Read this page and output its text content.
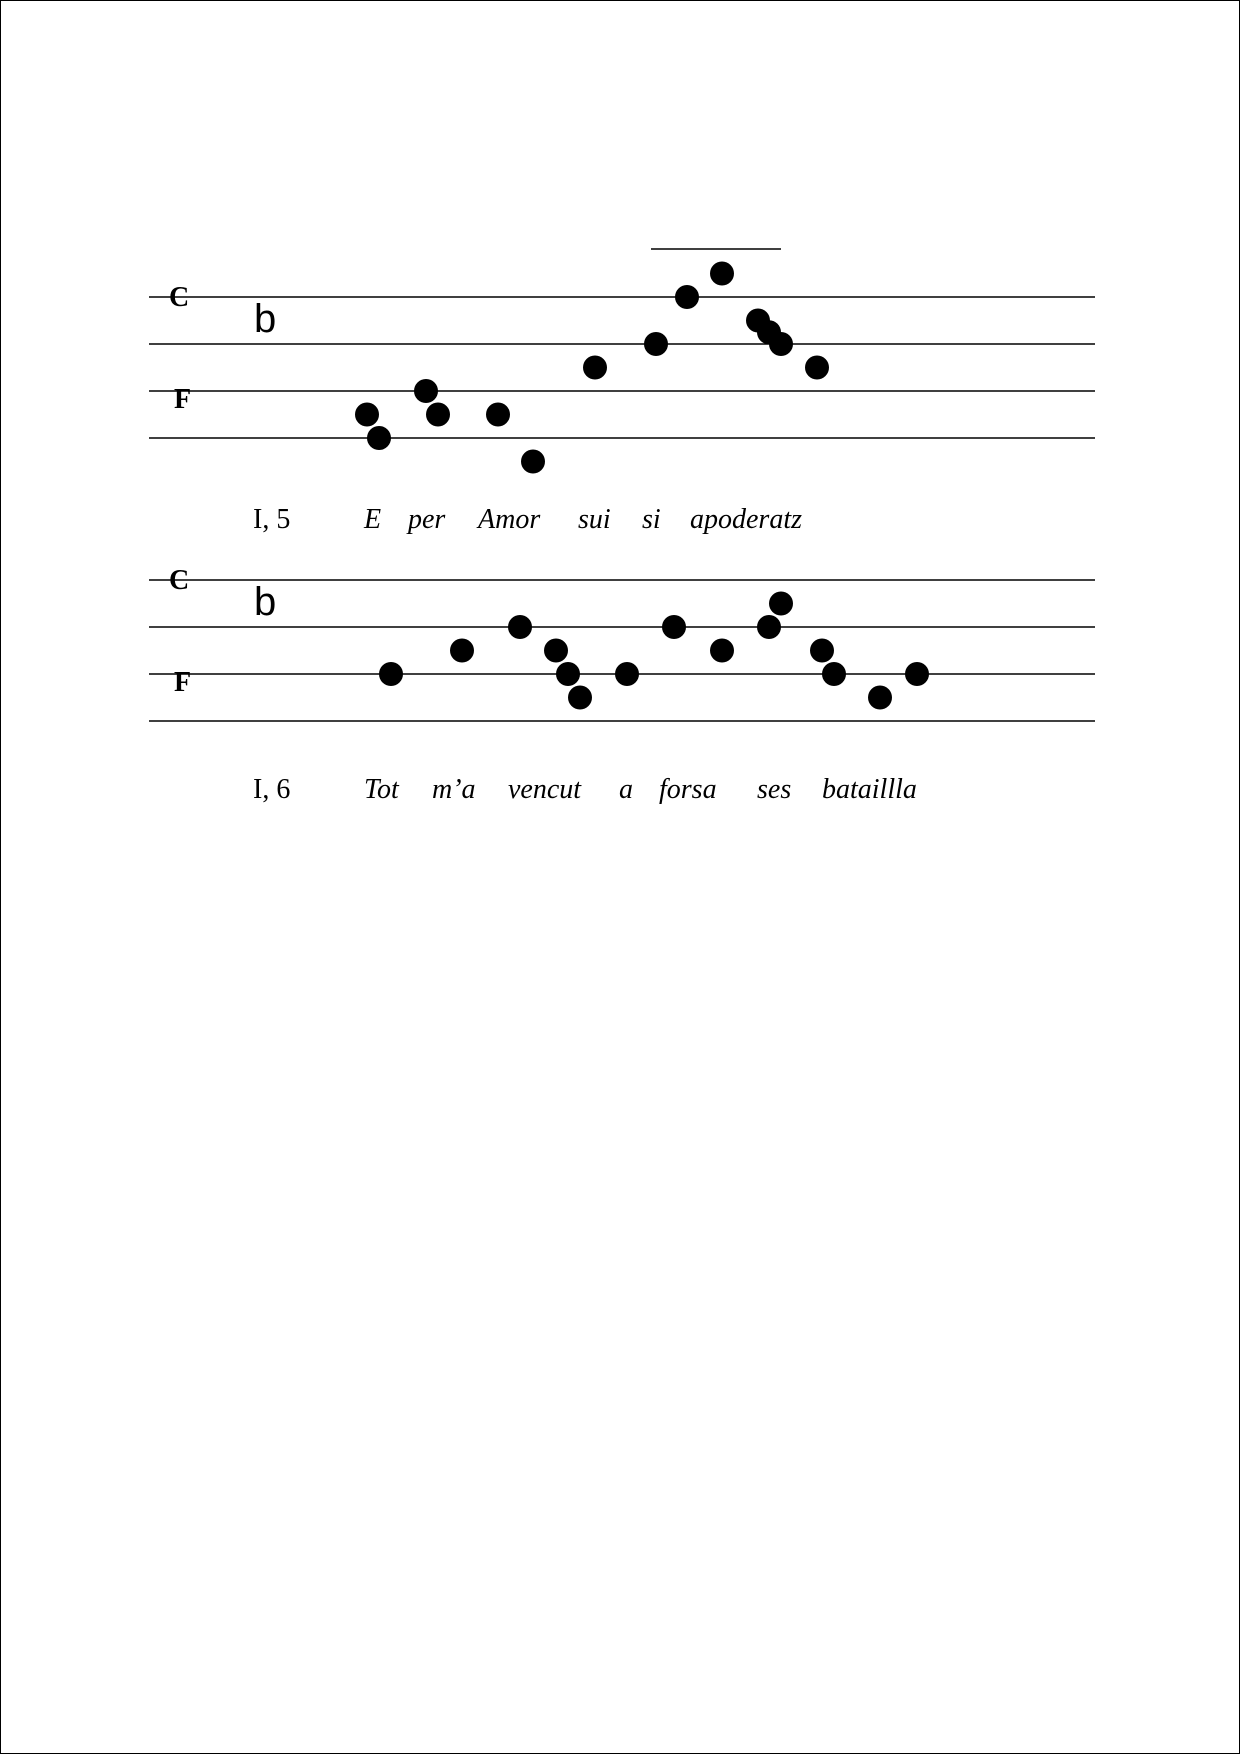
C b
F
I, 5	E per Amor sui si apoderatz
C b
F
I, 6	Tot m’a vencut a forsa ses bataillla
